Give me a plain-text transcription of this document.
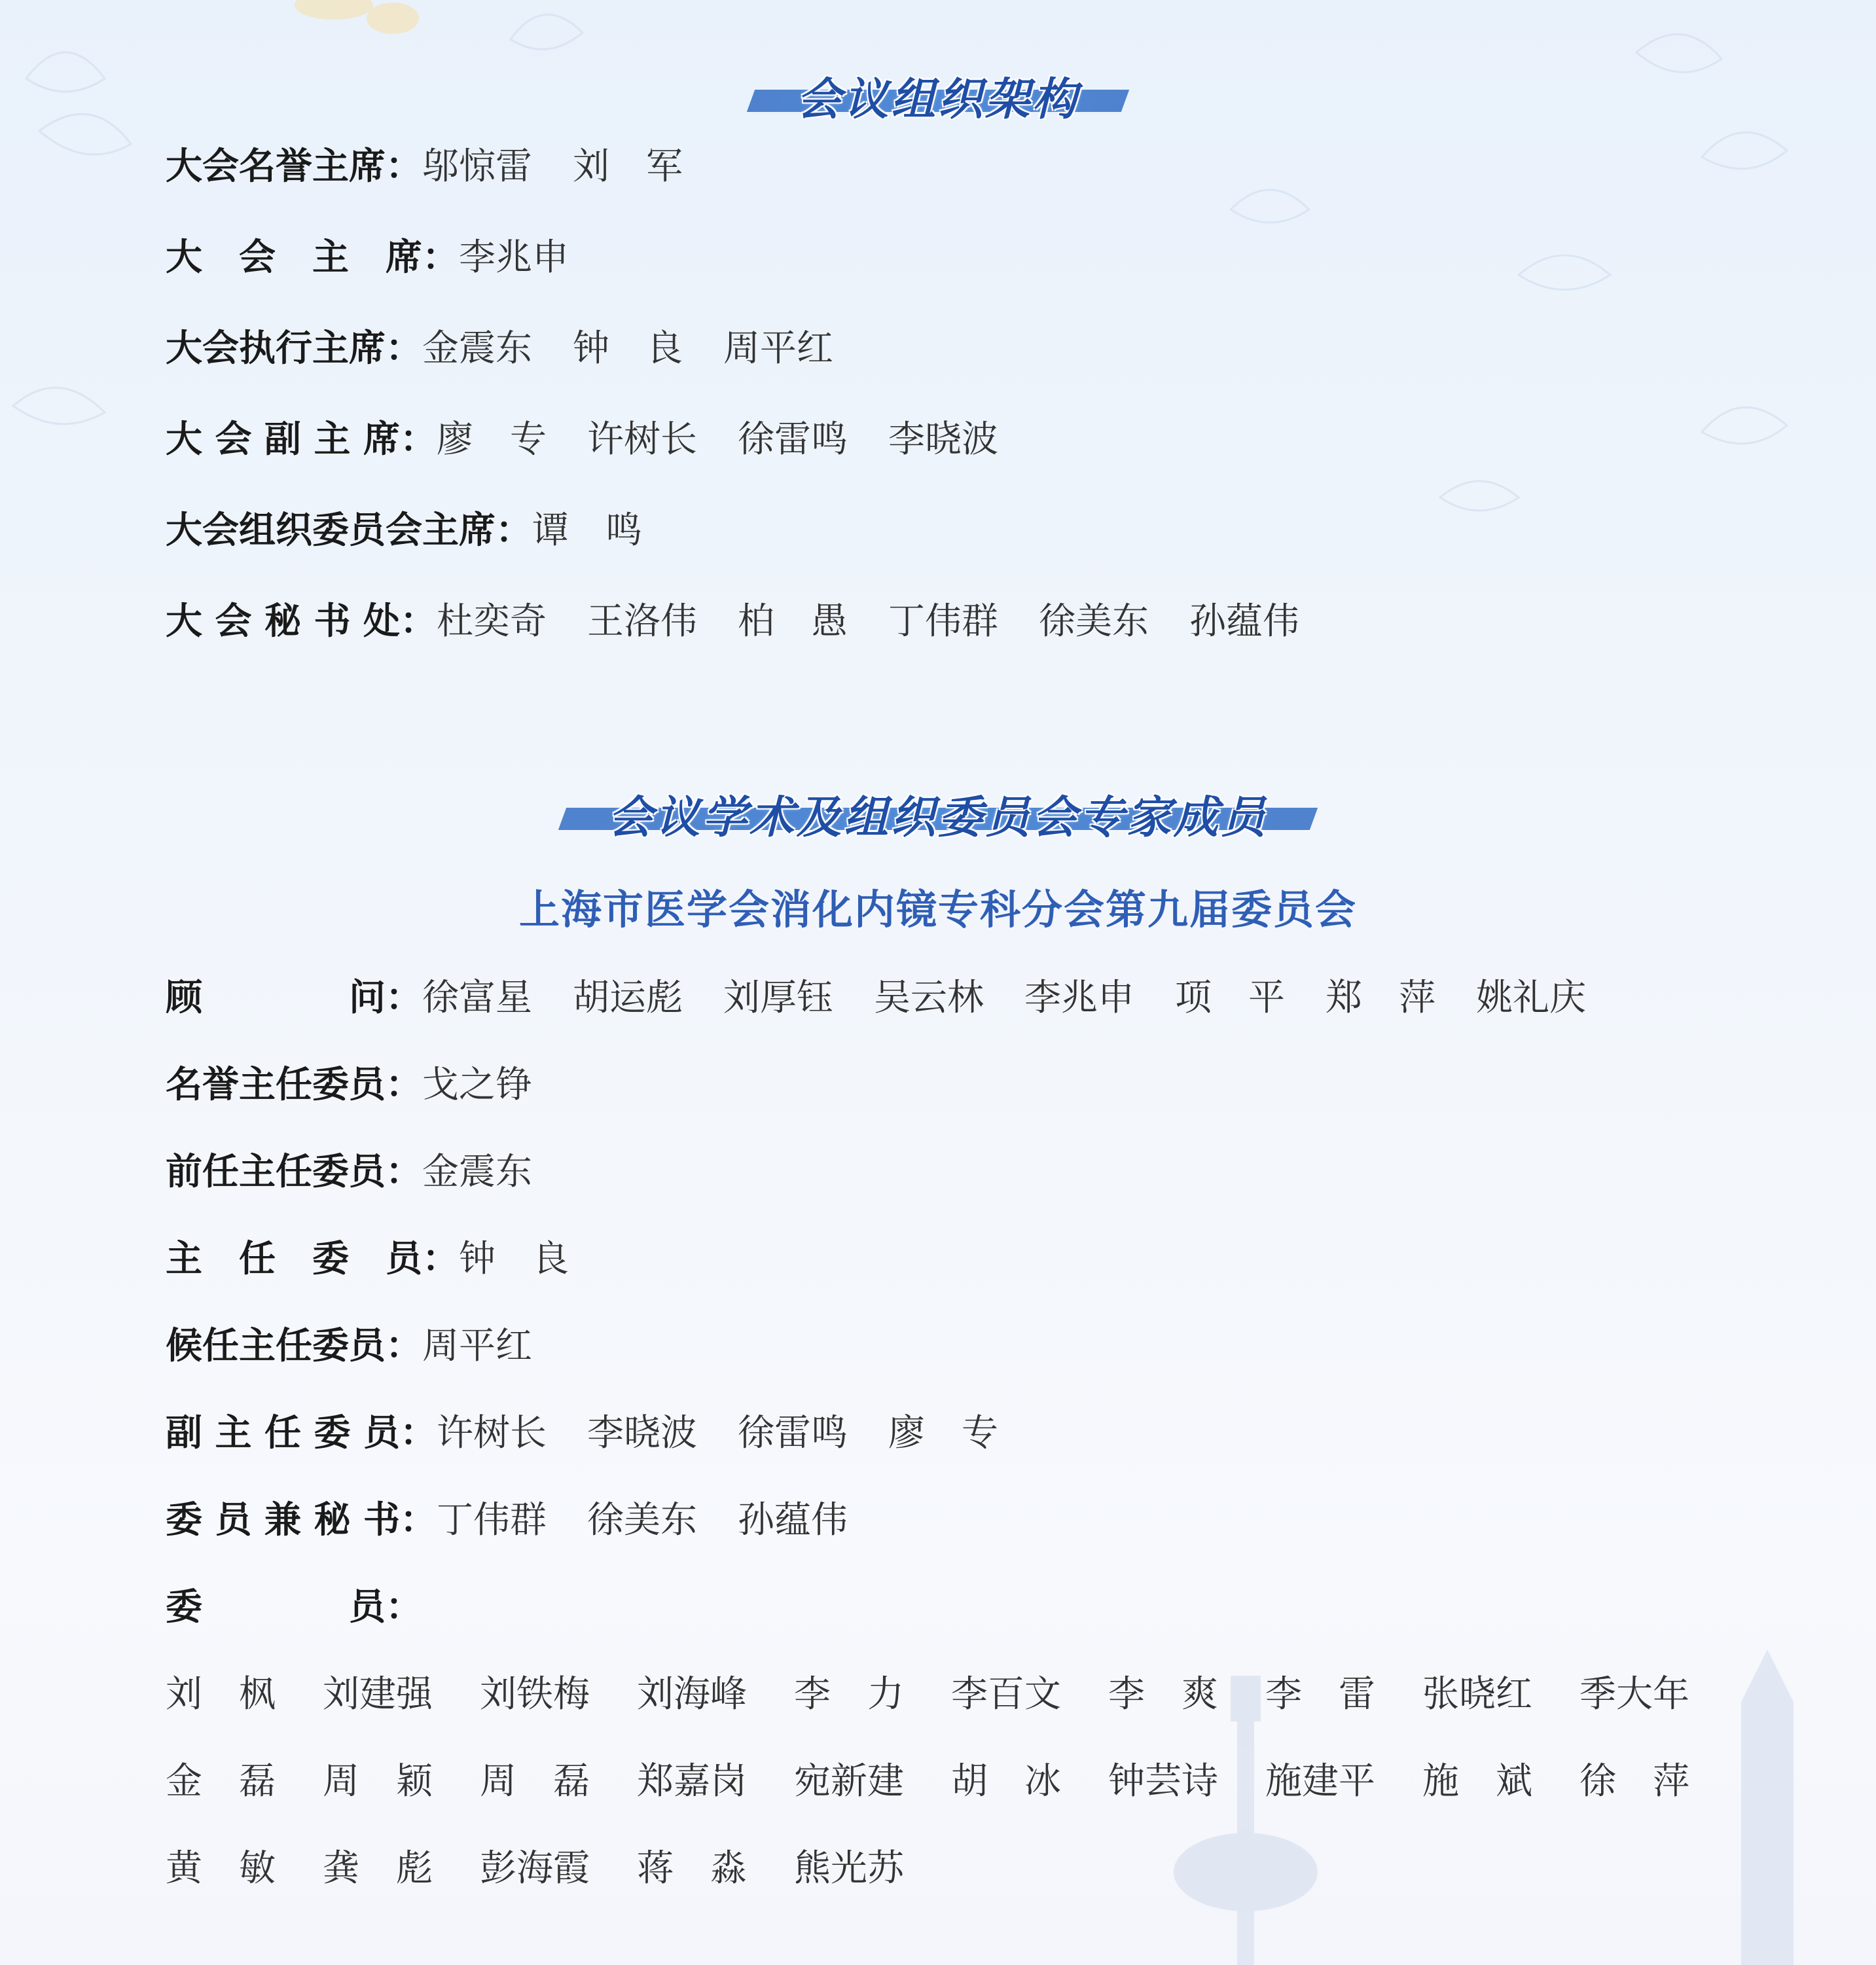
会议组织架构
大会名誉主席： 邬惊雷 刘　军
大　会　主　席： 李兆申
大会执行主席： 金震东 钟　良 周平红
大 会 副 主 席： 廖　专 许树长 徐雷鸣 李晓波
大会组织委员会主席： 谭　鸣
大 会 秘 书 处： 杜奕奇 王洛伟 柏　愚 丁伟群 徐美东 孙蕴伟
会议学术及组织委员会专家成员
上海市医学会消化内镜专科分会第九届委员会
顾　　　　问： 徐富星 胡运彪 刘厚钰 吴云林 李兆申 项　平 郑　萍 姚礼庆
名誉主任委员： 戈之铮
前任主任委员： 金震东
主　任　委　员： 钟　良
候任主任委员： 周平红
副 主 任 委 员： 许树长 李晓波 徐雷鸣 廖　专
委 员 兼 秘 书： 丁伟群 徐美东 孙蕴伟
委　　　　员：
刘　枫 刘建强 刘铁梅 刘海峰 李　力 李百文 李　爽 李　雷 张晓红 季大年
金　磊 周　颖 周　磊 郑嘉岗 宛新建 胡　冰 钟芸诗 施建平 施　斌 徐　萍
黄　敏 龚　彪 彭海霞 蒋　淼 熊光苏
